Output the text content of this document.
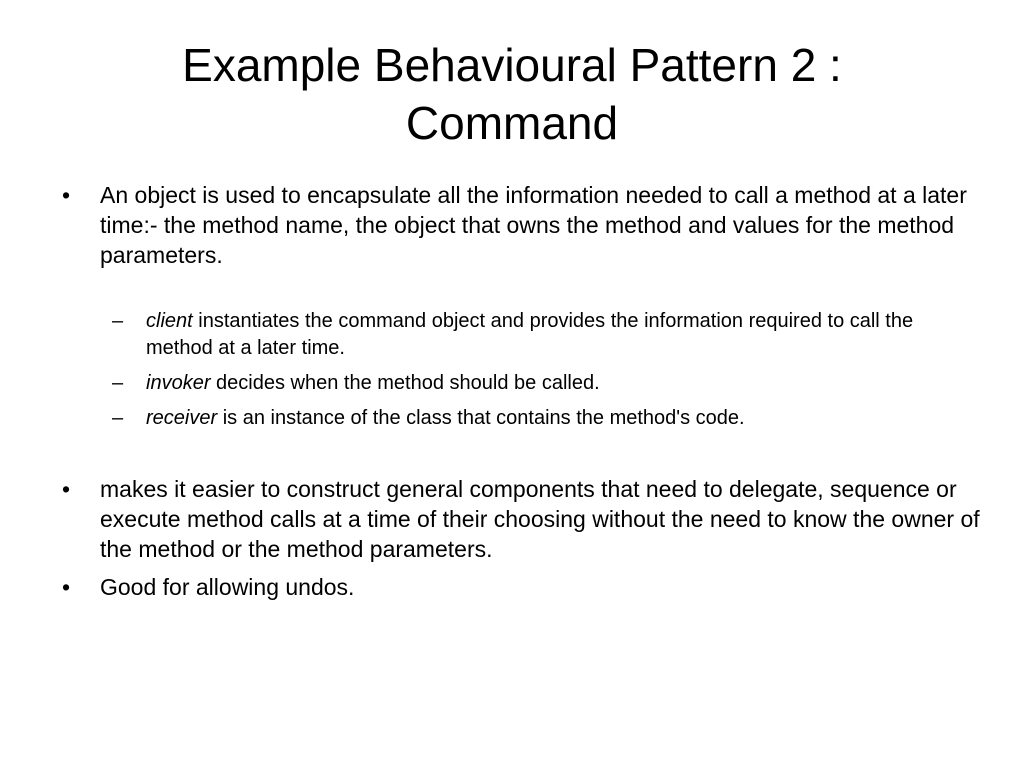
Example Behavioural Pattern 2 :
Command
•	An object is used to encapsulate all the information needed to call a method at a later time:- the method name, the object that owns the method and values for the method parameters.
–	client instantiates the command object and provides the information required to call the method at a later time.
–	invoker decides when the method should be called.
–	receiver is an instance of the class that contains the method's code.
•	makes it easier to construct general components that need to delegate, sequence or execute method calls at a time of their choosing without the need to know the owner of the method or the method parameters.
•	Good for allowing undos.
